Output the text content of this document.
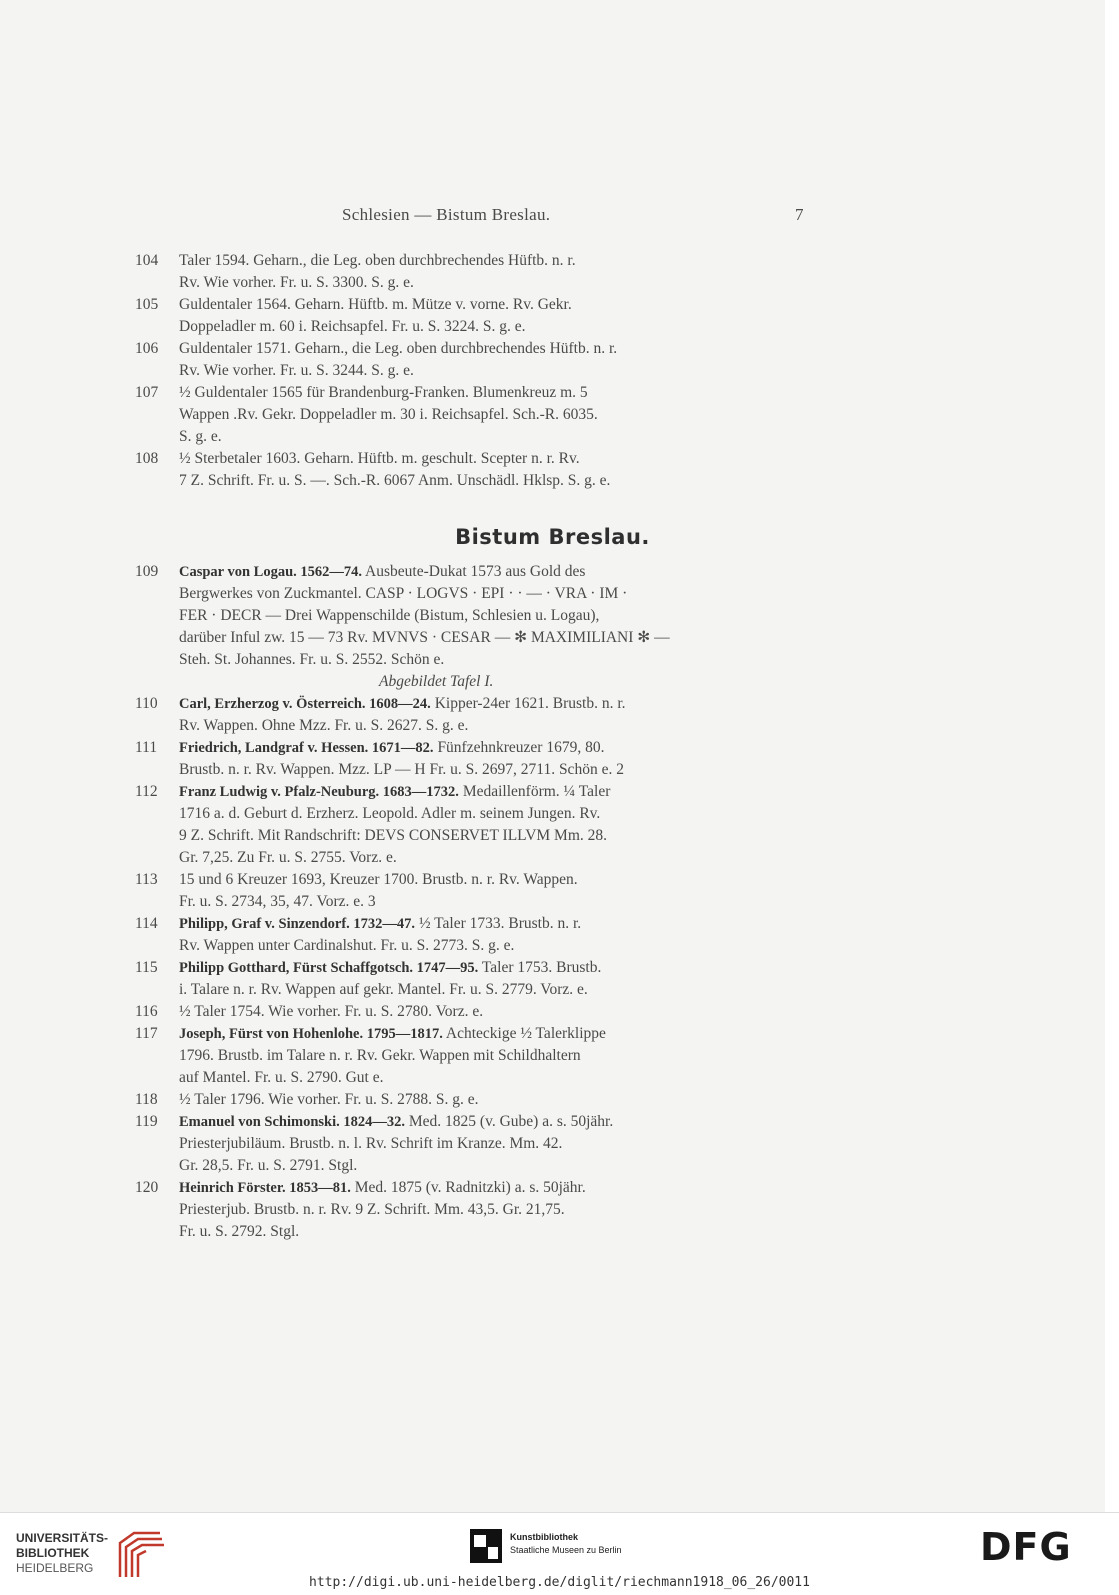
Schlesien — Bistum Breslau.	7
104	Taler 1594. Geharn., die Leg. oben durchbrechendes Hüftb. n. r.
Rv. Wie vorher. Fr. u. S. 3300. S. g. e.
105	Guldentaler 1564. Geharn. Hüftb. m. Mütze v. vorne. Rv. Gekr.
Doppeladler m. 60 i. Reichsapfel. Fr. u. S. 3224. S. g. e.
106	Guldentaler 1571. Geharn., die Leg. oben durchbrechendes Hüftb. n. r.
Rv. Wie vorher. Fr. u. S. 3244. S. g. e.
107	½ Guldentaler 1565 für Brandenburg-Franken. Blumenkreuz m. 5
Wappen .Rv. Gekr. Doppeladler m. 30 i. Reichsapfel. Sch.-R. 6035.
S. g. e.
108	½ Sterbetaler 1603. Geharn. Hüftb. m. geschult. Scepter n. r. Rv.
7 Z. Schrift. Fr. u. S. —. Sch.-R. 6067 Anm. Unschädl. Hklsp. S. g. e.
Bistum Breslau.
109	Caspar von Logau. 1562—74. Ausbeute-Dukat 1573 aus Gold des
Bergwerkes von Zuckmantel. CASP · LOGVS · EPI · · — · VRA · IM ·
FER · DECR — Drei Wappenschilde (Bistum, Schlesien u. Logau),
darüber Inful zw. 15 — 73 Rv. MVNVS · CESAR — ✻ MAXIMILIANI ✻ —
Steh. St. Johannes. Fr. u. S. 2552. Schön e.
Abgebildet Tafel I.
110	Carl, Erzherzog v. Österreich. 1608—24. Kipper-24er 1621. Brustb. n. r.
Rv. Wappen. Ohne Mzz. Fr. u. S. 2627. S. g. e.
111	Friedrich, Landgraf v. Hessen. 1671—82. Fünfzehnkreuzer 1679, 80.
Brustb. n. r. Rv. Wappen. Mzz. LP — H Fr. u. S. 2697, 2711. Schön e. 2
112	Franz Ludwig v. Pfalz-Neuburg. 1683—1732. Medaillenförm. ¼ Taler
1716 a. d. Geburt d. Erzherz. Leopold. Adler m. seinem Jungen. Rv.
9 Z. Schrift. Mit Randschrift: DEVS CONSERVET ILLVM Mm. 28.
Gr. 7,25. Zu Fr. u. S. 2755. Vorz. e.
113	15 und 6 Kreuzer 1693, Kreuzer 1700. Brustb. n. r. Rv. Wappen.
Fr. u. S. 2734, 35, 47. Vorz. e. 3
114	Philipp, Graf v. Sinzendorf. 1732—47. ½ Taler 1733. Brustb. n. r.
Rv. Wappen unter Cardinalshut. Fr. u. S. 2773. S. g. e.
115	Philipp Gotthard, Fürst Schaffgotsch. 1747—95. Taler 1753. Brustb.
i. Talare n. r. Rv. Wappen auf gekr. Mantel. Fr. u. S. 2779. Vorz. e.
116	½ Taler 1754. Wie vorher. Fr. u. S. 2780. Vorz. e.
117	Joseph, Fürst von Hohenlohe. 1795—1817. Achteckige ½ Talerklippe
1796. Brustb. im Talare n. r. Rv. Gekr. Wappen mit Schildhaltern
auf Mantel. Fr. u. S. 2790. Gut e.
118	½ Taler 1796. Wie vorher. Fr. u. S. 2788. S. g. e.
119	Emanuel von Schimonski. 1824—32. Med. 1825 (v. Gube) a. s. 50jähr.
Priesterjubiläum. Brustb. n. l. Rv. Schrift im Kranze. Mm. 42.
Gr. 28,5. Fr. u. S. 2791. Stgl.
120	Heinrich Förster. 1853—81. Med. 1875 (v. Radnitzki) a. s. 50jähr.
Priesterjub. Brustb. n. r. Rv. 9 Z. Schrift. Mm. 43,5. Gr. 21,75.
Fr. u. S. 2792. Stgl.
UNIVERSITÄTS-
BIBLIOTHEK
HEIDELBERG
Kunstbibliothek
Staatliche Museen zu Berlin	DFG
http://digi.ub.uni-heidelberg.de/diglit/riechmann1918_06_26/0011
